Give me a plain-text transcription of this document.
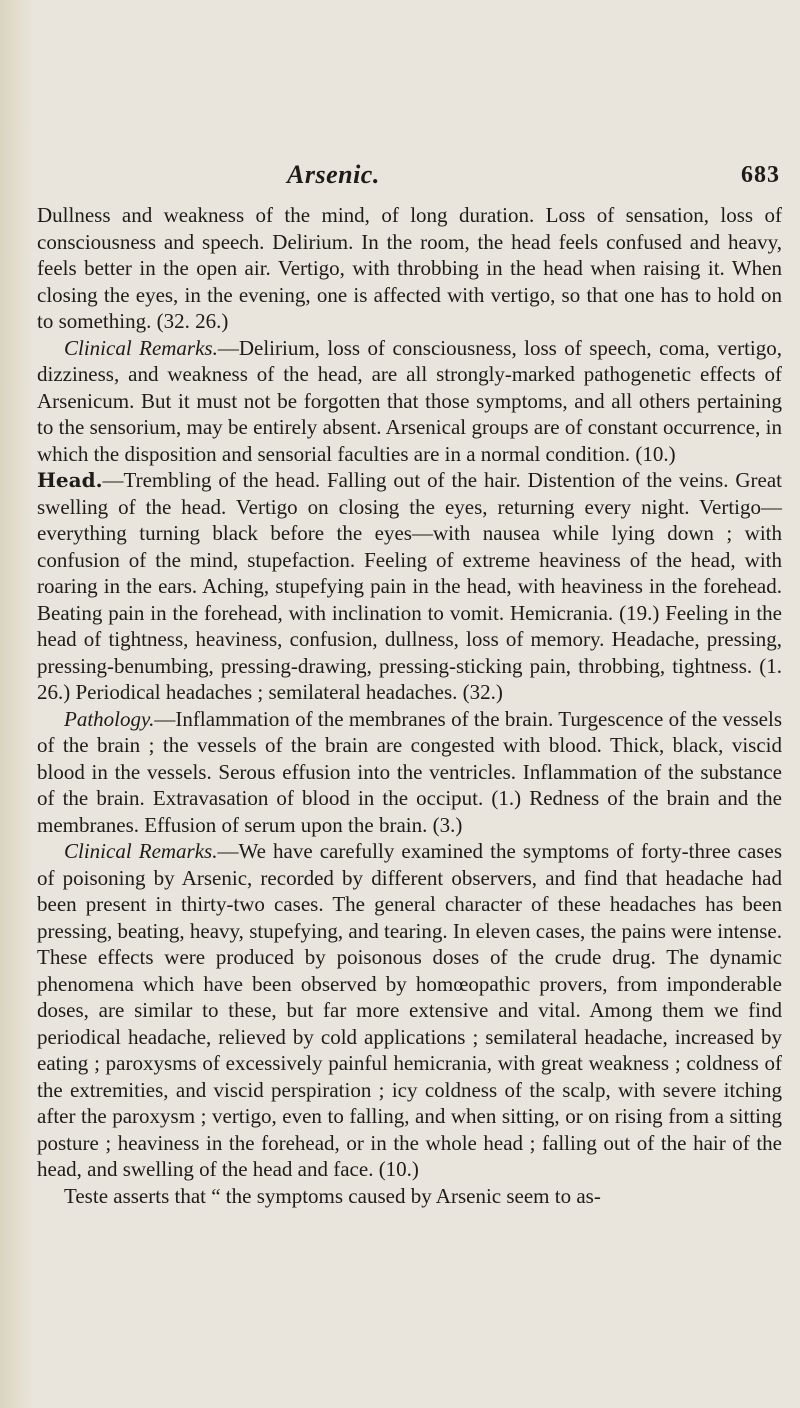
Arsenic.	683

Dullness and weakness of the mind, of long duration. Loss of sensation, loss of consciousness and speech. Delirium. In the room, the head feels confused and heavy, feels better in the open air. Vertigo, with throbbing in the head when raising it. When closing the eyes, in the evening, one is affected with vertigo, so that one has to hold on to something. (32. 26.)

Clinical Remarks.—Delirium, loss of consciousness, loss of speech, coma, vertigo, dizziness, and weakness of the head, are all strongly-marked pathogenetic effects of Arsenicum. But it must not be forgotten that those symptoms, and all others pertaining to the sensorium, may be entirely absent. Arsenical groups are of constant occurrence, in which the disposition and sensorial faculties are in a normal condition. (10.)

Head.—Trembling of the head. Falling out of the hair. Distention of the veins. Great swelling of the head. Vertigo on closing the eyes, returning every night. Vertigo—everything turning black before the eyes—with nausea while lying down ; with confusion of the mind, stupefaction. Feeling of extreme heaviness of the head, with roaring in the ears. Aching, stupefying pain in the head, with heaviness in the forehead. Beating pain in the forehead, with inclination to vomit. Hemicrania. (19.) Feeling in the head of tightness, heaviness, confusion, dullness, loss of memory. Headache, pressing, pressing-benumbing, pressing-drawing, pressing-sticking pain, throbbing, tightness. (1. 26.) Periodical headaches ; semilateral headaches. (32.)

Pathology.—Inflammation of the membranes of the brain. Turgescence of the vessels of the brain ; the vessels of the brain are congested with blood. Thick, black, viscid blood in the vessels. Serous effusion into the ventricles. Inflammation of the substance of the brain. Extravasation of blood in the occiput. (1.) Redness of the brain and the membranes. Effusion of serum upon the brain. (3.)

Clinical Remarks.—We have carefully examined the symptoms of forty-three cases of poisoning by Arsenic, recorded by different observers, and find that headache had been present in thirty-two cases. The general character of these headaches has been pressing, beating, heavy, stupefying, and tearing. In eleven cases, the pains were intense. These effects were produced by poisonous doses of the crude drug. The dynamic phenomena which have been observed by homœopathic provers, from imponderable doses, are similar to these, but far more extensive and vital. Among them we find periodical headache, relieved by cold applications ; semilateral headache, increased by eating ; paroxysms of excessively painful hemicrania, with great weakness ; coldness of the extremities, and viscid perspiration ; icy coldness of the scalp, with severe itching after the paroxysm ; vertigo, even to falling, and when sitting, or on rising from a sitting posture ; heaviness in the forehead, or in the whole head ; falling out of the hair of the head, and swelling of the head and face. (10.)

Teste asserts that “ the symptoms caused by Arsenic seem to as-
